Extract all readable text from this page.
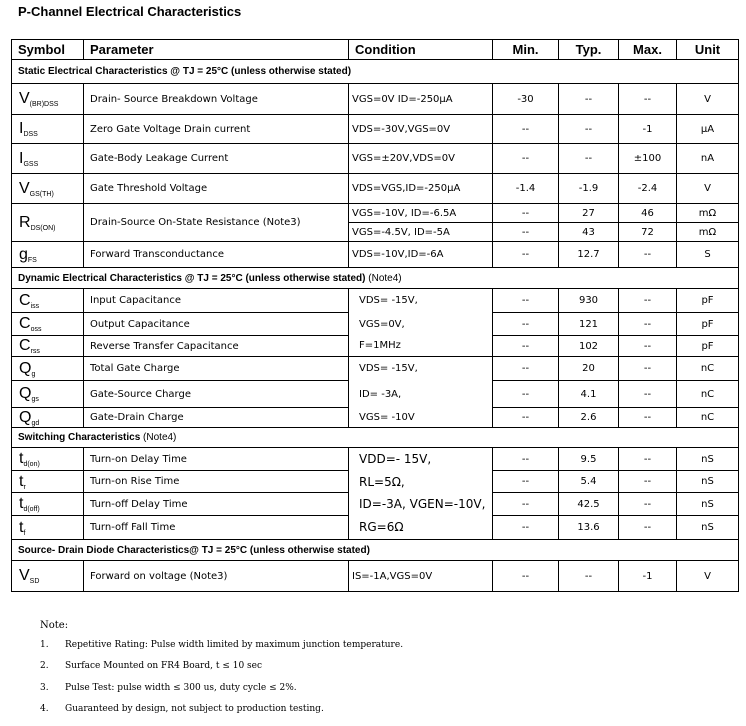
P-Channel Electrical Characteristics
Symbol	Parameter	Condition	Min.	Typ.	Max.	Unit
Static Electrical Characteristics @ TJ = 25°C (unless otherwise stated)						
$V_{(BR)DSS}$	Drain- Source Breakdown Voltage	VGS=0V ID=-250μA	-30	--	--	V
$I_{DSS}$	Zero Gate Voltage Drain current	VDS=-30V,VGS=0V	--	--	-1	μA
$I_{GSS}$	Gate-Body Leakage Current	VGS=±20V,VDS=0V	--	--	±100	nA
$V_{GS(TH)}$	Gate Threshold Voltage	VDS=VGS,ID=-250μA	-1.4	-1.9	-2.4	V
$R_{DS(ON)}$	Drain-Source On-State Resistance (Note3)	VGS=-10V, ID=-6.5A	--	27	46	mΩ
		VGS=-4.5V, ID=-5A	--	43	72	mΩ
$g_{FS}$	Forward Transconductance	VDS=-10V,ID=-6A	--	12.7	--	S
Dynamic Electrical Characteristics @ TJ = 25°C (unless otherwise stated) (Note4)						
$C_{iss}$	Input Capacitance	VDS= -15V,	--	930	--	pF
$C_{oss}$	Output Capacitance	VGS=0V,	--	121	--	pF
$C_{rss}$	Reverse Transfer Capacitance	F=1MHz	--	102	--	pF
$Q_g$	Total Gate Charge	VDS= -15V,	--	20	--	nC
$Q_{gs}$	Gate-Source Charge	ID= -3A,	--	4.1	--	nC
$Q_{gd}$	Gate-Drain Charge	VGS= -10V	--	2.6	--	nC
Switching Characteristics (Note4)						
$t_{d(on)}$	Turn-on Delay Time	VDD=- 15V,	--	9.5	--	nS
$t_r$	Turn-on Rise Time	RL=5Ω,	--	5.4	--	nS
$t_{d(off)}$	Turn-off Delay Time	ID=-3A, VGEN=-10V,	--	42.5	--	nS
$t_f$	Turn-off Fall Time	RG=6Ω	--	13.6	--	nS
Source- Drain Diode Characteristics@ TJ = 25°C (unless otherwise stated)						
$V_{SD}$	Forward on voltage (Note3)	IS=-1A,VGS=0V	--	--	-1	V
Note:
1. Repetitive Rating: Pulse width limited by maximum junction temperature.
2. Surface Mounted on FR4 Board, t ≤ 10 sec
3. Pulse Test: pulse width ≤ 300 us, duty cycle ≤ 2%.
4. Guaranteed by design, not subject to production testing.
